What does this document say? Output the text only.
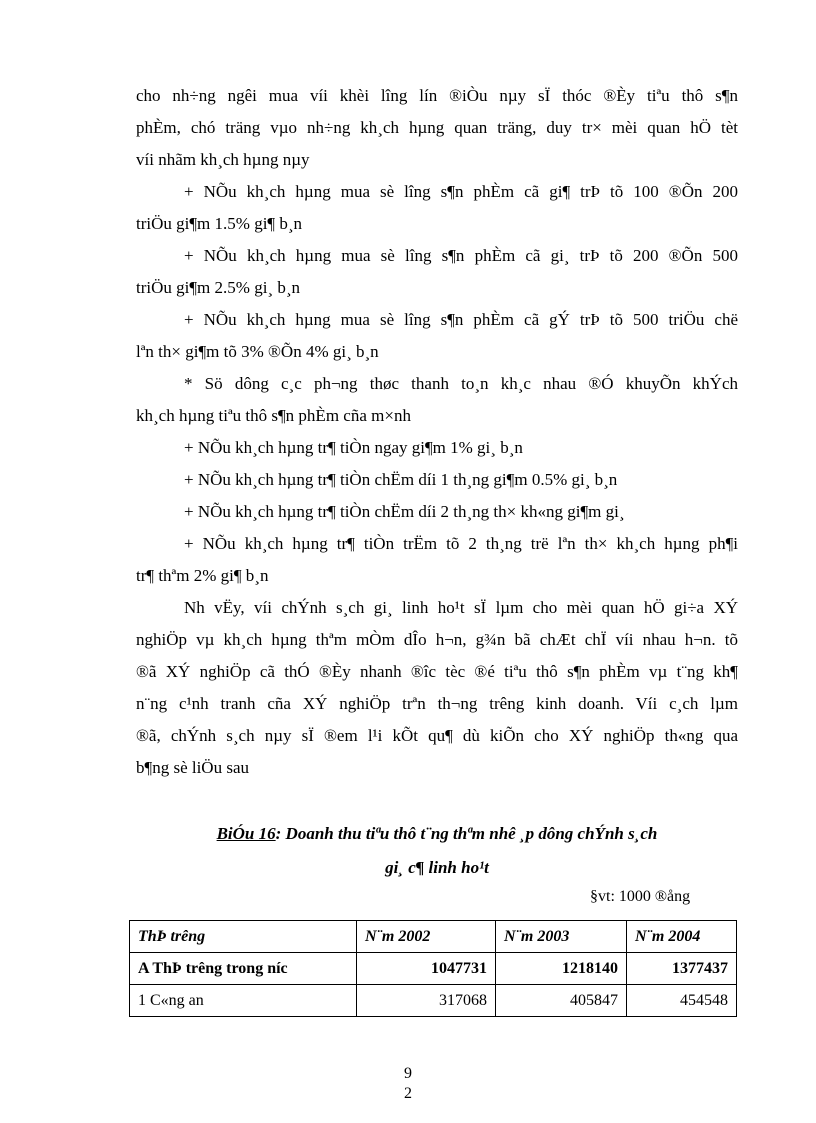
cho nh÷ng ngêi mua víi khèi lîng lín ®iÒu nµy sÏ thóc ®Èy tiªu thô s¶n
phÈm, chó träng vµo nh÷ng kh¸ch hµng quan träng, duy tr× mèi quan hÖ tèt
víi nhãm kh¸ch hµng nµy

+ NÕu kh¸ch hµng mua sè lîng s¶n phÈm cã gi¶ trÞ tõ 100 ®Õn 200
triÖu gi¶m 1.5% gi¶ b¸n

+ NÕu kh¸ch hµng mua sè lîng s¶n phÈm cã gi¸ trÞ tõ 200 ®Õn 500
triÖu gi¶m 2.5% gi¸ b¸n

+ NÕu kh¸ch hµng mua sè lîng s¶n phÈm cã gÝ trÞ tõ 500 triÖu chë
lªn th× gi¶m tõ 3% ®Õn 4% gi¸ b¸n

* Sö dông c¸c ph¬ng thøc thanh to¸n kh¸c nhau ®Ó khuyÕn khÝch
kh¸ch hµng tiªu thô s¶n phÈm cña m×nh

+ NÕu kh¸ch hµng tr¶ tiÒn ngay gi¶m 1% gi¸ b¸n

+ NÕu kh¸ch hµng tr¶ tiÒn chËm díi 1 th¸ng gi¶m 0.5% gi¸ b¸n

+ NÕu kh¸ch hµng tr¶ tiÒn chËm díi 2 th¸ng th× kh«ng gi¶m gi¸

+ NÕu kh¸ch hµng tr¶ tiÒn trËm tõ 2 th¸ng trë lªn th× kh¸ch hµng ph¶i
tr¶ thªm 2% gi¶ b¸n

Nh vËy, víi chÝnh s¸ch gi¸ linh ho¹t sÏ lµm cho mèi quan hÖ gi÷a XÝ
nghiÖp vµ kh¸ch hµng thªm mÒm dÎo h¬n, g¾n bã chÆt chÏ víi nhau h¬n. tõ
®ã XÝ nghiÖp cã thÓ ®Èy nhanh ®îc tèc ®é tiªu thô s¶n phÈm vµ t¨ng kh¶
n¨ng c¹nh tranh cña XÝ nghiÖp trªn th¬ng trêng kinh doanh. Víi c¸ch lµm
®ã, chÝnh s¸ch nµy sÏ ®em l¹i kÕt qu¶ dù kiÕn cho XÝ nghiÖp th«ng qua
b¶ng sè liÖu sau

BiÓu 16: Doanh thu tiªu thô t¨ng thªm nhê ¸p dông chÝnh s¸ch
gi¸ c¶ linh ho¹t
§vt: 1000 ®ång
ThÞ trêng	N¨m 2002	N¨m 2003	N¨m 2004
A ThÞ trêng trong níc	1047731	1218140	1377437
1 C«ng an	317068	405847	454548
9
2
